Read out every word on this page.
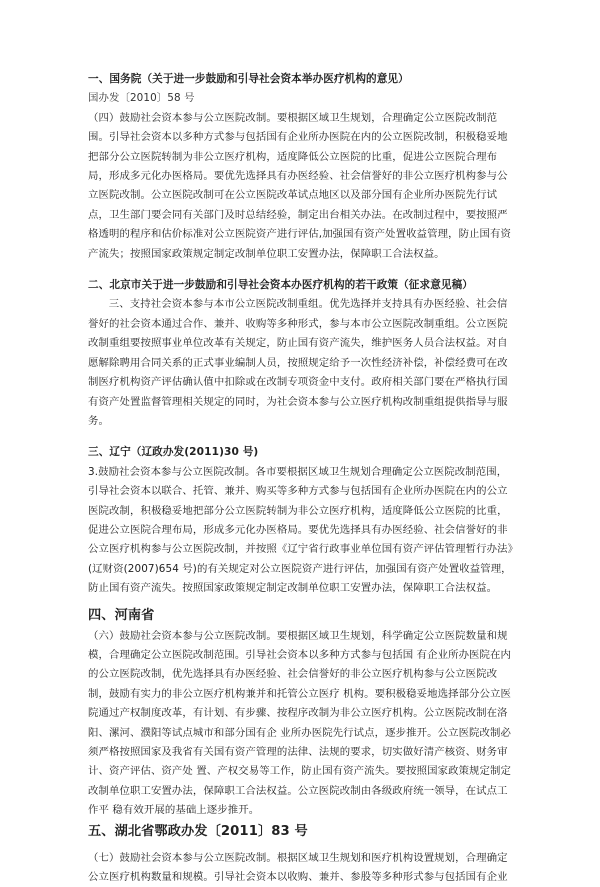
一、国务院（关于进一步鼓励和引导社会资本举办医疗机构的意见）

国办发〔2010〕58 号

（四）鼓励社会资本参与公立医院改制。要根据区域卫生规划，合理确定公立医院改制范围。引导社会资本以多种方式参与包括国有企业所办医院在内的公立医院改制，积极稳妥地把部分公立医院转制为非公立医疗机构，适度降低公立医院的比重，促进公立医院合理布局，形成多元化办医格局。要优先选择具有办医经验、社会信誉好的非公立医疗机构参与公立医院改制。公立医院改制可在公立医院改革试点地区以及部分国有企业所办医院先行试点，卫生部门要会同有关部门及时总结经验，制定出台相关办法。在改制过程中，要按照严格透明的程序和估价标准对公立医院资产进行评估,加强国有资产处置收益管理，防止国有资产流失；按照国家政策规定制定改制单位职工安置办法，保障职工合法权益。

二、北京市关于进一步鼓励和引导社会资本办医疗机构的若干政策（征求意见稿）

三、支持社会资本参与本市公立医院改制重组。优先选择并支持具有办医经验、社会信誉好的社会资本通过合作、兼并、收购等多种形式，参与本市公立医院改制重组。公立医院改制重组要按照事业单位改革有关规定，防止国有资产流失，维护医务人员合法权益。对自愿解除聘用合同关系的正式事业编制人员，按照规定给予一次性经济补偿，补偿经费可在改制医疗机构资产评估确认值中扣除或在改制专项资金中支付。政府相关部门要在严格执行国有资产处置监督管理相关规定的同时，为社会资本参与公立医疗机构改制重组提供指导与服务。

三、辽宁（辽政办发(2011)30 号)

3.鼓励社会资本参与公立医院改制。各市要根据区域卫生规划合理确定公立医院改制范围，引导社会资本以联合、托管、兼并、购买等多种方式参与包括国有企业所办医院在内的公立医院改制，积极稳妥地把部分公立医院转制为非公立医疗机构，适度降低公立医院的比重，促进公立医院合理布局，形成多元化办医格局。要优先选择具有办医经验、社会信誉好的非公立医疗机构参与公立医院改制，并按照《辽宁省行政事业单位国有资产评估管理暂行办法》(辽财资(2007)654 号)的有关规定对公立医院资产进行评估，加强国有资产处置收益管理，防止国有资产流失。按照国家政策规定制定改制单位职工安置办法，保障职工合法权益。

四、河南省

（六）鼓励社会资本参与公立医院改制。要根据区域卫生规划，科学确定公立医院数量和规模，合理确定公立医院改制范围。引导社会资本以多种方式参与包括国 有企业所办医院在内的公立医院改制，优先选择具有办医经验、社会信誉好的非公立医疗机构参与公立医院改制，鼓励有实力的非公立医疗机构兼并和托管公立医疗 机构。要积极稳妥地选择部分公立医院通过产权制度改革，有计划、有步骤、按程序改制为非公立医疗机构。公立医院改制在洛阳、漯河、濮阳等试点城市和部分国有企 业所办医院先行试点，逐步推开。公立医院改制必须严格按照国家及我省有关国有资产管理的法律、法规的要求，切实做好清产核资、财务审计、资产评估、资产处 置、产权交易等工作，防止国有资产流失。要按照国家政策规定制定改制单位职工安置办法，保障职工合法权益。公立医院改制由各级政府统一领导，在试点工作平 稳有效开展的基础上逐步推开。

五、湖北省鄂政办发〔2011〕83 号

（七）鼓励社会资本参与公立医院改制。根据区域卫生规划和医疗机构设置规划，合理确定公立医疗机构数量和规模。引导社会资本以收购、兼并、参股等多种形式参与包括国有企业
